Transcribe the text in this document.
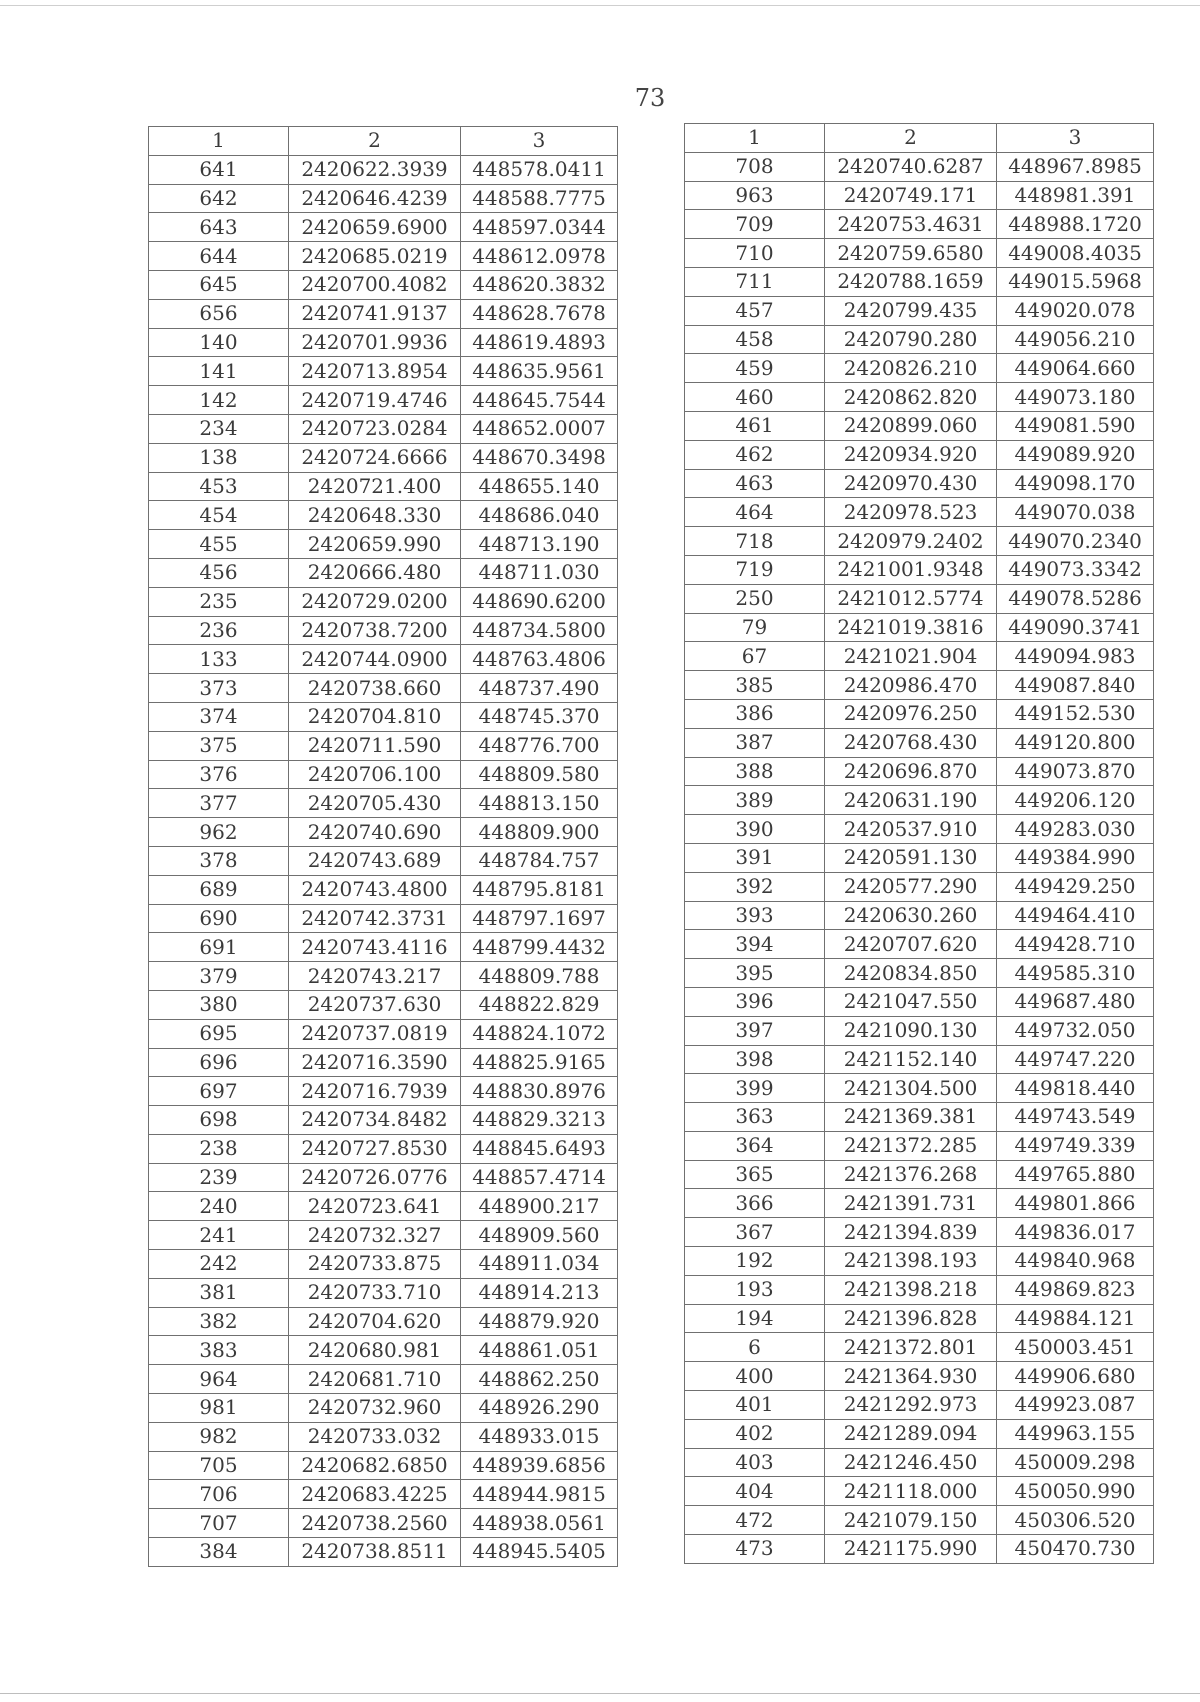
73
1	2	3
641	2420622.3939	448578.0411
642	2420646.4239	448588.7775
643	2420659.6900	448597.0344
644	2420685.0219	448612.0978
645	2420700.4082	448620.3832
656	2420741.9137	448628.7678
140	2420701.9936	448619.4893
141	2420713.8954	448635.9561
142	2420719.4746	448645.7544
234	2420723.0284	448652.0007
138	2420724.6666	448670.3498
453	2420721.400	448655.140
454	2420648.330	448686.040
455	2420659.990	448713.190
456	2420666.480	448711.030
235	2420729.0200	448690.6200
236	2420738.7200	448734.5800
133	2420744.0900	448763.4806
373	2420738.660	448737.490
374	2420704.810	448745.370
375	2420711.590	448776.700
376	2420706.100	448809.580
377	2420705.430	448813.150
962	2420740.690	448809.900
378	2420743.689	448784.757
689	2420743.4800	448795.8181
690	2420742.3731	448797.1697
691	2420743.4116	448799.4432
379	2420743.217	448809.788
380	2420737.630	448822.829
695	2420737.0819	448824.1072
696	2420716.3590	448825.9165
697	2420716.7939	448830.8976
698	2420734.8482	448829.3213
238	2420727.8530	448845.6493
239	2420726.0776	448857.4714
240	2420723.641	448900.217
241	2420732.327	448909.560
242	2420733.875	448911.034
381	2420733.710	448914.213
382	2420704.620	448879.920
383	2420680.981	448861.051
964	2420681.710	448862.250
981	2420732.960	448926.290
982	2420733.032	448933.015
705	2420682.6850	448939.6856
706	2420683.4225	448944.9815
707	2420738.2560	448938.0561
384	2420738.8511	448945.5405
1	2	3
708	2420740.6287	448967.8985
963	2420749.171	448981.391
709	2420753.4631	448988.1720
710	2420759.6580	449008.4035
711	2420788.1659	449015.5968
457	2420799.435	449020.078
458	2420790.280	449056.210
459	2420826.210	449064.660
460	2420862.820	449073.180
461	2420899.060	449081.590
462	2420934.920	449089.920
463	2420970.430	449098.170
464	2420978.523	449070.038
718	2420979.2402	449070.2340
719	2421001.9348	449073.3342
250	2421012.5774	449078.5286
79	2421019.3816	449090.3741
67	2421021.904	449094.983
385	2420986.470	449087.840
386	2420976.250	449152.530
387	2420768.430	449120.800
388	2420696.870	449073.870
389	2420631.190	449206.120
390	2420537.910	449283.030
391	2420591.130	449384.990
392	2420577.290	449429.250
393	2420630.260	449464.410
394	2420707.620	449428.710
395	2420834.850	449585.310
396	2421047.550	449687.480
397	2421090.130	449732.050
398	2421152.140	449747.220
399	2421304.500	449818.440
363	2421369.381	449743.549
364	2421372.285	449749.339
365	2421376.268	449765.880
366	2421391.731	449801.866
367	2421394.839	449836.017
192	2421398.193	449840.968
193	2421398.218	449869.823
194	2421396.828	449884.121
6	2421372.801	450003.451
400	2421364.930	449906.680
401	2421292.973	449923.087
402	2421289.094	449963.155
403	2421246.450	450009.298
404	2421118.000	450050.990
472	2421079.150	450306.520
473	2421175.990	450470.730
